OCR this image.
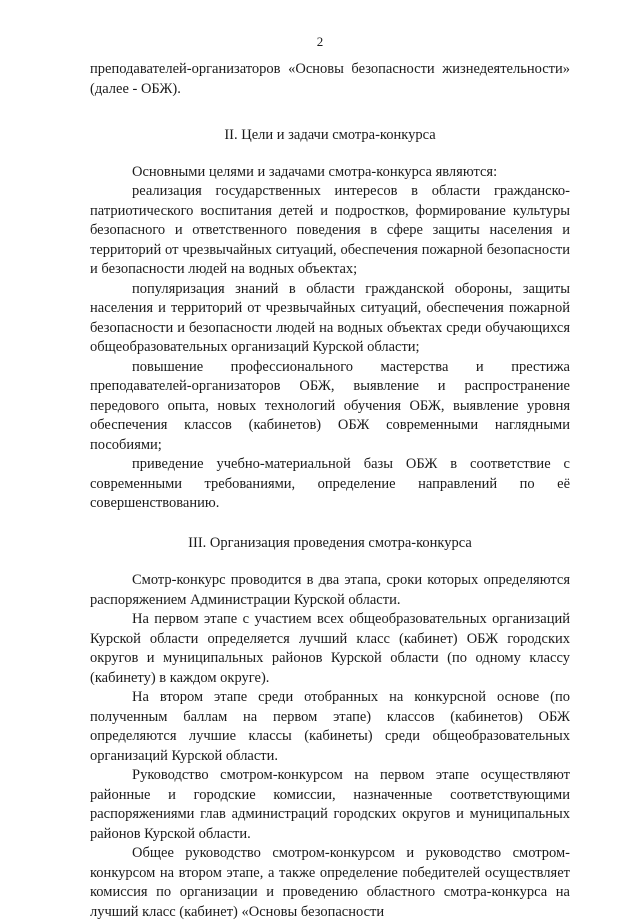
2

преподавателей-организаторов «Основы безопасности жизнедеятельности» (далее - ОБЖ).

II. Цели и задачи смотра-конкурса

Основными целями и задачами смотра-конкурса являются:

реализация государственных интересов в области гражданско-патриотического воспитания детей и подростков, формирование культуры безопасного и ответственного поведения в сфере защиты населения и территорий от чрезвычайных ситуаций, обеспечения пожарной безопасности и безопасности людей на водных объектах;

популяризация знаний в области гражданской обороны, защиты населения и территорий от чрезвычайных ситуаций, обеспечения пожарной безопасности и безопасности людей на водных объектах среди обучающихся общеобразовательных организаций Курской области;

повышение профессионального мастерства и престижа преподавателей-организаторов ОБЖ, выявление и распространение передового опыта, новых технологий обучения ОБЖ, выявление уровня обеспечения классов (кабинетов) ОБЖ современными наглядными пособиями;

приведение учебно-материальной базы ОБЖ в соответствие с современными требованиями, определение направлений по её совершенствованию.

III. Организация проведения смотра-конкурса

Смотр-конкурс проводится в два этапа, сроки которых определяются распоряжением Администрации Курской области.

На первом этапе с участием всех общеобразовательных организаций Курской области определяется лучший класс (кабинет) ОБЖ городских округов и муниципальных районов Курской области (по одному классу (кабинету) в каждом округе).

На втором этапе среди отобранных на конкурсной основе (по полученным баллам на первом этапе) классов (кабинетов) ОБЖ определяются лучшие классы (кабинеты) среди общеобразовательных организаций Курской области.

Руководство смотром-конкурсом на первом этапе осуществляют районные и городские комиссии, назначенные соответствующими распоряжениями глав администраций городских округов и муниципальных районов Курской области.

Общее руководство смотром-конкурсом и руководство смотром-конкурсом на втором этапе, а также определение победителей осуществляет комиссия по организации и проведению областного смотра-конкурса на лучший класс (кабинет) «Основы безопасности
